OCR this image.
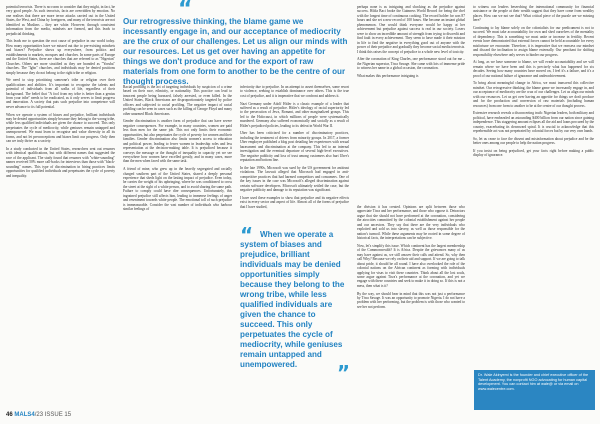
“
Our retrogressive thinking, the blame game we incessantly engage in, and our acceptance of mediocrity are the crux of our challenges. Let us align our minds with our resources. Let us get over having an appetite for things we don't produce and for the export of raw materials from one form to another to be the centre of our thought process.

potential terrorists. There is no room to consider that they might, in fact, be very good people. As such terrorists, facts are overridden by emotion. No one realises that there are more terror attacks carried out in the United States, the West, and China by foreigners, and many of the terrorists are not identified as Muslims – they are white. However, through consistent information from the media, mindsets are formed, and this leads to prejudicial thinking.

This leads me to question the root cause of prejudice in our world today. How many opportunities have we missed out due to pre-existing mindsets and biases? Prejudice shows up everywhere, from politics and establishments to markets, mosques and churches. In some parts of Europe and the United States, there are churches that are referred to as "Nigerian" Churches. Others are more stratified as they are branded as "Yoruba" churches. The "Igbo" churches, and individuals may be denied positions simply because they do not belong to the right tribe or religion.

We need to stop prioritising someone's tribe or religion over their qualifications and abilities. It's important to recognise the talents and potential of individuals from all walks of life, regardless of their background. The belief that "A fool from my tribe is better than a genius from your tribe" needs to be eradicated, as it only serves to limit progress and innovation. A society that puts such prejudice into competence will never advance to its full potential.

When we operate a system of biases and prejudice, brilliant individuals may be denied opportunities simply because they belong to the wrong tribe, while less qualified individuals are given the chance to succeed. This only perpetuates the cycle of mediocrity, while geniuses remain untapped and unempowered. We must learn to recognise and value diversity in all its forms, and not let preconceptions and biases limit our progress. Only then can we truly thrive as a society.

In a study conducted in the United States, researchers sent out resumes with identical qualifications, but with different names that suggested the race of the applicant. The study found that resumes with "white-sounding" names received 50% more call-backs for interviews than those with "black-sounding" names. This type of discrimination in hiring practices limits opportunities for qualified individuals and perpetuates the cycle of poverty and inequality.

Racial profiling is the act of targeting individuals by suspicion of a crime based on their race, ethnicity, or nationality. This practice can lead to innocent people being harassed, falsely arrested, or even killed. In the United States, Black Americans are disproportionately targeted by police officers and subjected to racial profiling. The negative impact of racial profiling can be seen in cases such as the killing of George Floyd and many other unarmed Black Americans.

Gender discrimination is another form of prejudice that can have severe negative consequences. For example, in many countries, women are paid less than men for the same job. This not only limits their economic opportunities, but also perpetuates the cycle of poverty for women and their families. Gender discrimination also limits women's access to education and political power, leading to fewer women in leadership roles and less representation at the decision-making table. It is prejudiced because it conveys the message or the thought of inequality in capacity yet we see everywhere how women have excelled greatly, and in many cases, more than the men when faced with the same task.

A friend of mine, who grew up in the heavily segregated and racially charged southern part of the United States, shared a deeply personal experience that sheds light on the lasting impact of prejudice. Even today, he carries the weight of his upbringing, where he was conditioned to cross the street at the sight of a white person, and to avoid sharing the same path. Failure to comply could have dire consequences. Unfortunately, this ingrained prejudice still affects him, leading to immense feelings of anger and resentment towards white people. The emotional toll of such prejudice is immeasurable. Consider the vast number of individuals who harbour similar feelings of

inferiority due to prejudice. In an attempt to assert themselves, some resort to violence, seeking to establish dominance over others. This is the true cost of prejudice, and it is imperative that we confront and address it.

Nazi Germany under Adolf Hitler is a classic example of a leader that suffered as a result of prejudice. Hitler's ideology of racial superiority led to the persecution of Jews, Romani, and other marginalized groups. This led to the Holocaust, in which millions of people were systematically murdered. Germany also suffered economically and socially as a result of Hitler's prejudiced policies, leading to its defeat in World War II.

Uber has been criticized for a number of discriminatory practices, including the treatment of drivers from minority groups. In 2017, a former Uber employee published a blog post detailing her experiences with sexual harassment and discrimination at the company. This led to an internal investigation and the eventual departure of several high-level executives. The negative publicity and loss of trust among customers also hurt Uber's reputation and bottom line.

In the late 1990s, Microsoft was sued by the US government for antitrust violations. The lawsuit alleged that Microsoft had engaged in anti-competitive practices that had harmed competitors and consumers. One of the key issues in the case was Microsoft's alleged discrimination against certain software developers. Microsoft ultimately settled the case, but the negative publicity and damage to its reputation was significant.

I have used these examples to show that prejudice and its negative effects exist in every sector and aspect of life. Almost all of the forms of prejudice that I have studied,

“ When we operate a system of biases and prejudice, brilliant individuals may be denied opportunities simply because they belong to the wrong tribe, while less qualified individuals are given the chance to succeed. This only perpetuates the cycle of mediocrity, while geniuses remain untapped and unempowered.	”

perhaps none is as intriguing and shocking as the prejudice against success. Hilda Baci broke the Guinness World Record for being the chef with the longest time of continuous cooking. The record holder for was 87 hours and she set a new record of 100 hours. She became an instant global phenomenon. One would think everyone would be happy at her achievement but prejudice against success is real in our society. Losers were to show an incredible amount of strength from trying to discredit and find fault in every achievement. They seem to have made it their mission in life to find the negative in everything good out of anyone with the power of their prejudice and gradually they become social media terrorists. I think this raises the concept of prejudice to a whole new level of toxicity.

After the coronation of King Charles, one performance stood out for me – the Nigerian superstar, Tiwa Savage. She came with lots of immense pride to witness her name in a global occasion, the coronation.

What makes this performance intriguing is

the division it has created. Opinions are split between those who appreciate Tiwa and her performance, and those who oppose it. Detractors argue that she should not have performed at the coronation, considering the atrocities committed by the colonial establishment against her people and our ancestors. They say that there are the very individuals who exploited and sold us into slavery, as well as those responsible for the nation's turmoil. While these arguments may be rooted in some degree of historical facts, the interpretations can be subjective.

Now, let's simplify this issue. Which continent has the largest membership of the Commonwealth? It is Africa. Despite the grievances many of us may have against us, we still answer their calls and attend. So, why then call Why? Because we rely on their aid and support. If we are going to talk about pride, it should be all round. I have also overlooked the role of the colonial nations on the African continent as forming with individuals applying for visas to visit these countries. Think about all the lost souls, some argue against Tiwa's performance at the coronation, and yet we engage with these countries and seek to make it in doing so. If this is not a mess, then what is it?

By the way, we should bear in mind that this was not just a performance by Tiwa Savage. It was an opportunity to promote Nigeria. I do not have a problem with her performing, but the problem is with those who wanted to see her not perform.

to witness our leaders beseeching the international community for financial assistance or the people at their wealth suggest that they have come from wealthy places. How can we not see that? What critical piece of the puzzle are we missing here?

Continuing to lay blame solely on the colonialists for our predicament is not to succeed. We must take accountability for own and shed ourselves of the mentality of dependency. This is something we must unite or increase in fertility. Recent events have demonstrated that external forces cannot be held accountable for every misfortune we encounter. Therefore, it is imperative that we reassess our mindset and discard the inclination to assign blame externally. Our penchant for shifting responsibility elsewhere only serves to hinder our progress.

At long, as we have someone to blame, we will evade accountability and we will remain where we have been and this is precisely what has happened for six decades. Seeing how many countries have moved on, I feel it's a failure, and it's a proof of our national failure of ignorance and underachievement.

To bring about meaningful change in Africa, we must transcend this collective mindset. Our retrogressive thinking, the blame game we incessantly engage in, and our acceptance of mediocrity are the crux of our challenges. Let us align our minds with our resources. Let us get over having an appetite for things we don't produce and for the production and conversion of raw materials (including human resources) from one form to another to be at the centre of our thought process.

Extensive research reveals a disconcerting truth: Nigerian leaders, both military and political, have embezzled an astounding $400 billion from our nation since gaining independence. This staggering amount eclipses all the aid and loans procured by the country, exacerbating its downward spiral. It is crucial to acknowledge that this reprehensible act was not perpetrated by colonial forces but by our very own hands.

So, let us cease to face the dissent and misinformation about prejudice and be the better ones among our people to help the nation progress.

If you insist on being prejudiced, get your facts right before making a public display of ignorance.

Dr. Wale Akinyemi is the founder and chief executive officer of the Talent Academy, the nonprofit NGO advocating for human capital development. You can contact him at wale@ or via email on www.walecentre.com.
46 MALS4/23 ISSUE 15
